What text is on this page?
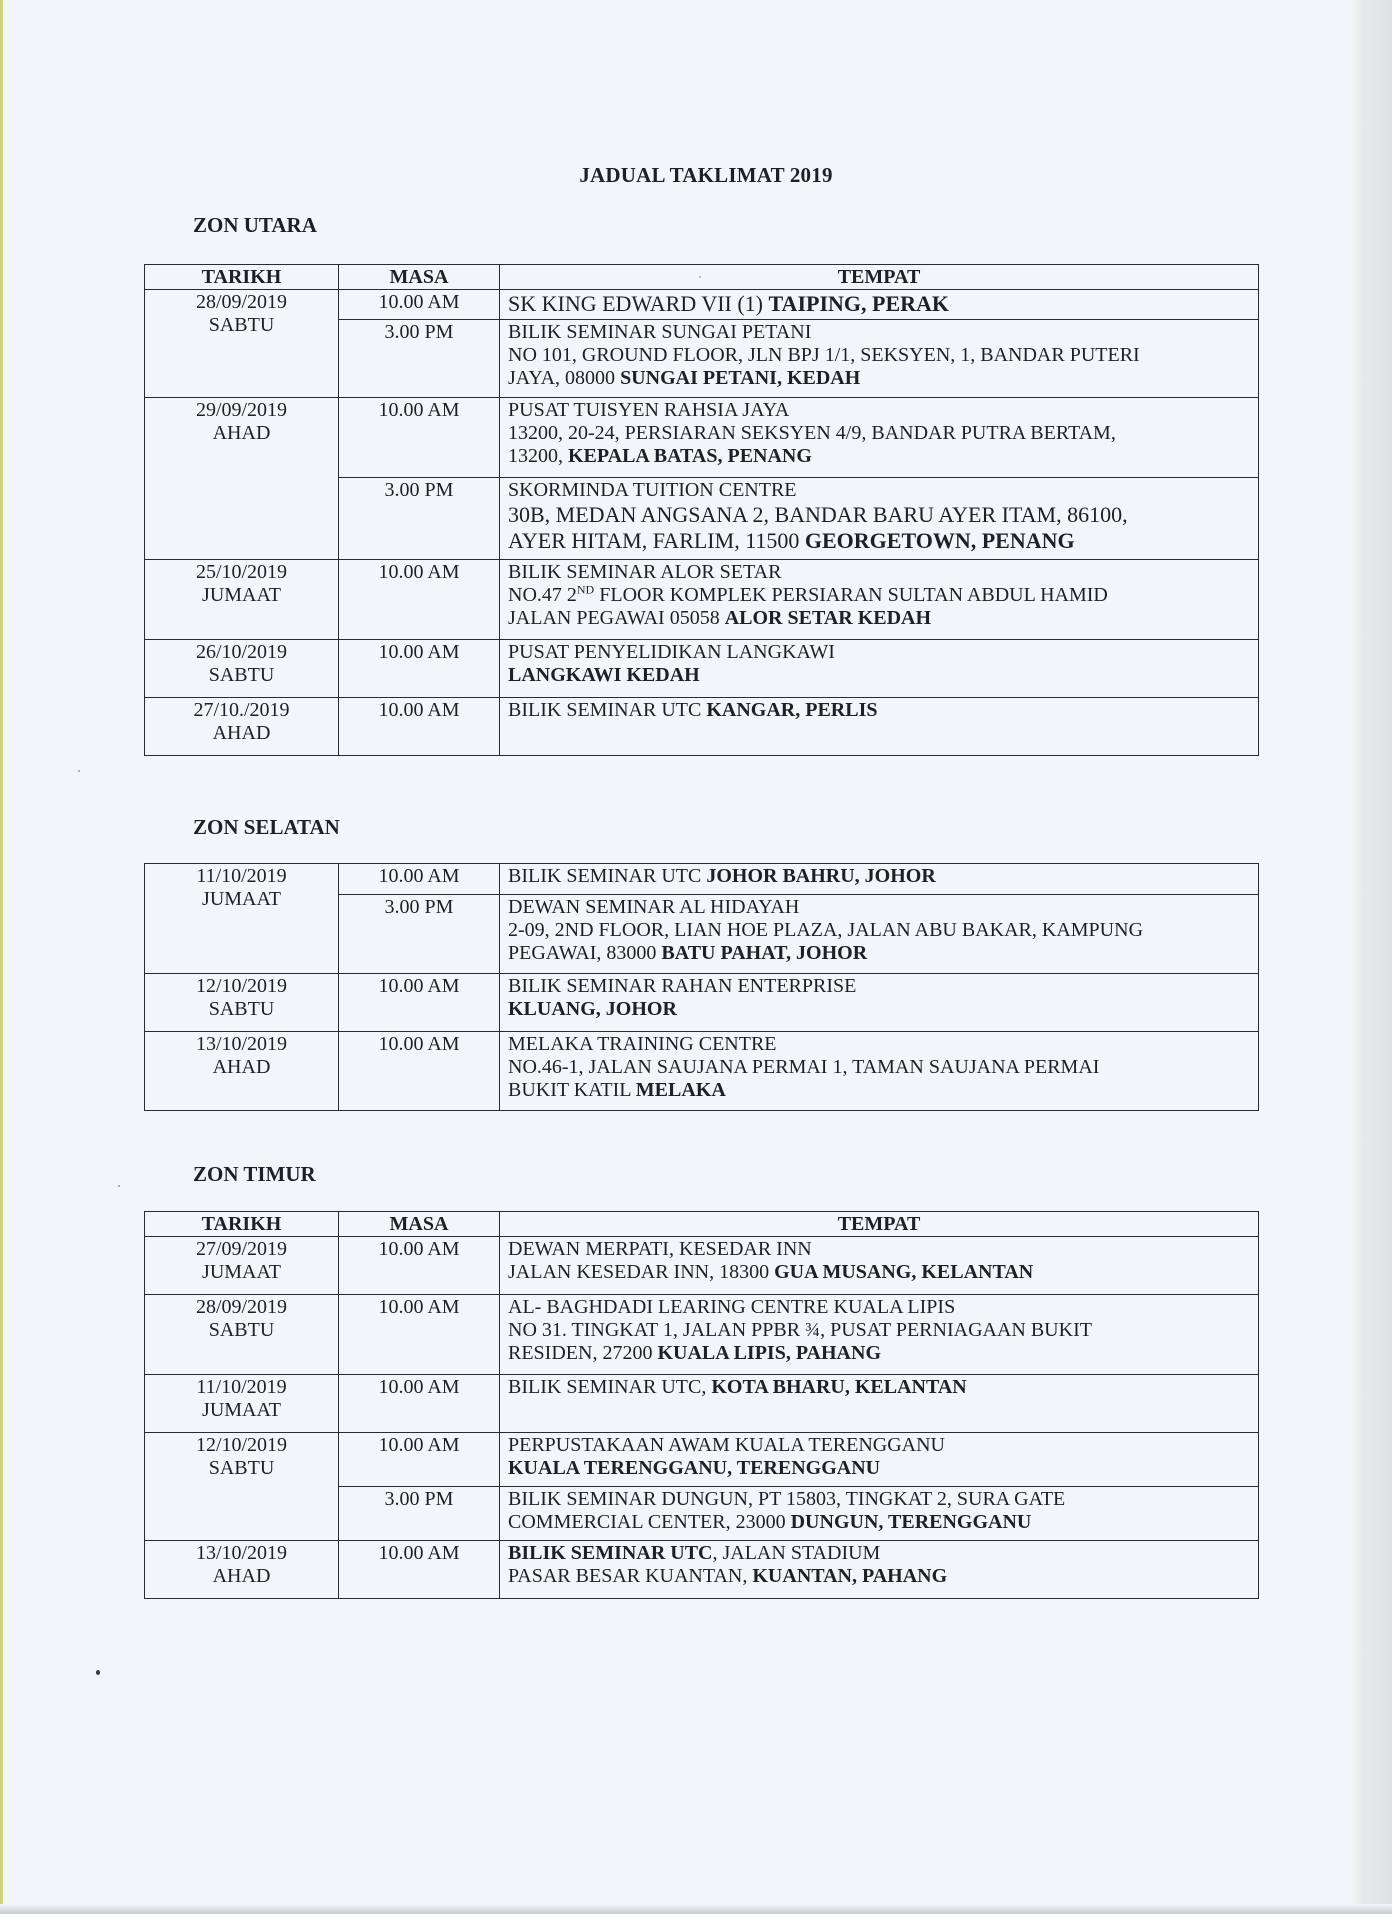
JADUAL TAKLIMAT 2019
ZON UTARA
TARIKH	MASA	TEMPAT

28/09/2019
SABTU	10.00 AM	SK KING EDWARD VII (1) TAIPING, PERAK
	3.00 PM	BILIK SEMINAR SUNGAI PETANI
NO 101, GROUND FLOOR, JLN BPJ 1/1, SEKSYEN, 1, BANDAR PUTERI
JAYA, 08000 SUNGAI PETANI, KEDAH

29/09/2019
AHAD	10.00 AM	PUSAT TUISYEN RAHSIA JAYA
13200, 20-24, PERSIARAN SEKSYEN 4/9, BANDAR PUTRA BERTAM,
13200, KEPALA BATAS, PENANG

	3.00 PM	SKORMINDA TUITION CENTRE
30B, MEDAN ANGSANA 2, BANDAR BARU AYER ITAM, 86100,
AYER HITAM, FARLIM, 11500 GEORGETOWN, PENANG

25/10/2019
JUMAAT	10.00 AM	BILIK SEMINAR ALOR SETAR
NO.47 2ND FLOOR KOMPLEK PERSIARAN SULTAN ABDUL HAMID
JALAN PEGAWAI 05058 ALOR SETAR KEDAH

26/10/2019
SABTU	10.00 AM	PUSAT PENYELIDIKAN LANGKAWI
LANGKAWI KEDAH

27/10./2019
AHAD	10.00 AM	BILIK SEMINAR UTC KANGAR, PERLIS
ZON SELATAN
11/10/2019
JUMAAT	10.00 AM	BILIK SEMINAR UTC JOHOR BAHRU, JOHOR
	3.00 PM	DEWAN SEMINAR AL HIDAYAH
2-09, 2ND FLOOR, LIAN HOE PLAZA, JALAN ABU BAKAR, KAMPUNG
PEGAWAI, 83000 BATU PAHAT, JOHOR

12/10/2019
SABTU	10.00 AM	BILIK SEMINAR RAHAN ENTERPRISE
KLUANG, JOHOR

13/10/2019
AHAD	10.00 AM	MELAKA TRAINING CENTRE
NO.46-1, JALAN SAUJANA PERMAI 1, TAMAN SAUJANA PERMAI
BUKIT KATIL MELAKA
ZON TIMUR
TARIKH	MASA	TEMPAT

27/09/2019
JUMAAT	10.00 AM	DEWAN MERPATI, KESEDAR INN
JALAN KESEDAR INN, 18300 GUA MUSANG, KELANTAN

28/09/2019
SABTU	10.00 AM	AL- BAGHDADI LEARING CENTRE KUALA LIPIS
NO 31. TINGKAT 1, JALAN PPBR ¾, PUSAT PERNIAGAAN BUKIT
RESIDEN, 27200 KUALA LIPIS, PAHANG

11/10/2019
JUMAAT	10.00 AM	BILIK SEMINAR UTC, KOTA BHARU, KELANTAN

12/10/2019
SABTU	10.00 AM	PERPUSTAKAAN AWAM KUALA TERENGGANU
KUALA TERENGGANU, TERENGGANU

	3.00 PM	BILIK SEMINAR DUNGUN, PT 15803, TINGKAT 2, SURA GATE
COMMERCIAL CENTER, 23000 DUNGUN, TERENGGANU

13/10/2019
AHAD	10.00 AM	BILIK SEMINAR UTC, JALAN STADIUM
PASAR BESAR KUANTAN, KUANTAN, PAHANG
